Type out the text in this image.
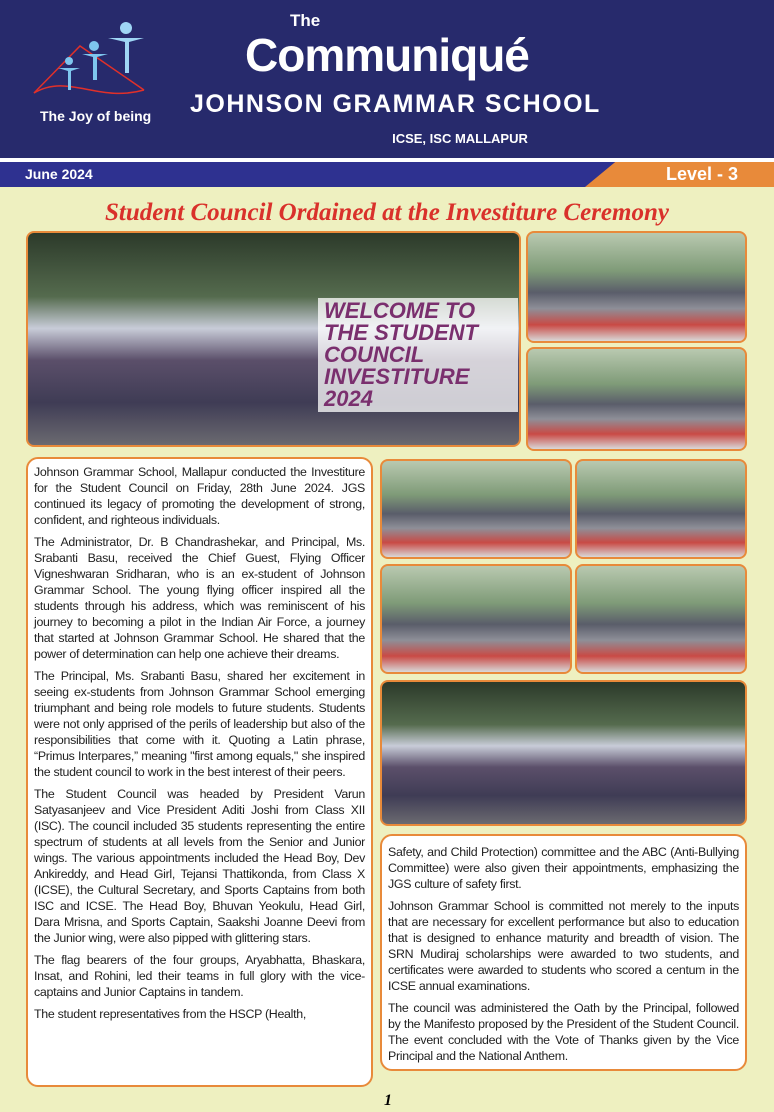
The Joy of being
The
Communiqué
JOHNSON GRAMMAR SCHOOL
ICSE, ISC MALLAPUR
June 2024	Level - 3
Student Council Ordained at the Investiture Ceremony
WELCOME TO THE STUDENT COUNCIL INVESTITURE 2024

Johnson Grammar School, Mallapur conducted the Investiture for the Student Council on Friday, 28th June 2024. JGS continued its legacy of promoting the development of strong, confident, and righteous individuals.

The Administrator, Dr. B Chandrashekar, and Principal, Ms. Srabanti Basu, received the Chief Guest, Flying Officer Vigneshwaran Sridharan, who is an ex-student of Johnson Grammar School. The young flying officer inspired all the students through his address, which was reminiscent of his journey to becoming a pilot in the Indian Air Force, a journey that started at Johnson Grammar School. He shared that the power of determination can help one achieve their dreams.

The Principal, Ms. Srabanti Basu, shared her excitement in seeing ex-students from Johnson Grammar School emerging triumphant and being role models to future students. Students were not only apprised of the perils of leadership but also of the responsibilities that come with it. Quoting a Latin phrase, “Primus Interpares,” meaning "first among equals," she inspired the student council to work in the best interest of their peers.

The Student Council was headed by President Varun Satyasanjeev and Vice President Aditi Joshi from Class XII (ISC). The council included 35 students representing the entire spectrum of students at all levels from the Senior and Junior wings. The various appointments included the Head Boy, Dev Ankireddy, and Head Girl, Tejansi Thattikonda, from Class X (ICSE), the Cultural Secretary, and Sports Captains from both ISC and ICSE. The Head Boy, Bhuvan Yeokulu, Head Girl, Dara Mrisna, and Sports Captain, Saakshi Joanne Deevi from the Junior wing, were also pipped with glittering stars.

The flag bearers of the four groups, Aryabhatta, Bhaskara, Insat, and Rohini, led their teams in full glory with the vice-captains and Junior Captains in tandem.

The student representatives from the HSCP (Health,

Safety, and Child Protection) committee and the ABC (Anti-Bullying Committee) were also given their appointments, emphasizing the JGS culture of safety first.

Johnson Grammar School is committed not merely to the inputs that are necessary for excellent performance but also to education that is designed to enhance maturity and breadth of vision. The SRN Mudiraj scholarships were awarded to two students, and certificates were awarded to students who scored a centum in the ICSE annual examinations.

The council was administered the Oath by the Principal, followed by the Manifesto proposed by the President of the Student Council. The event concluded with the Vote of Thanks given by the Vice Principal and the National Anthem.

1
